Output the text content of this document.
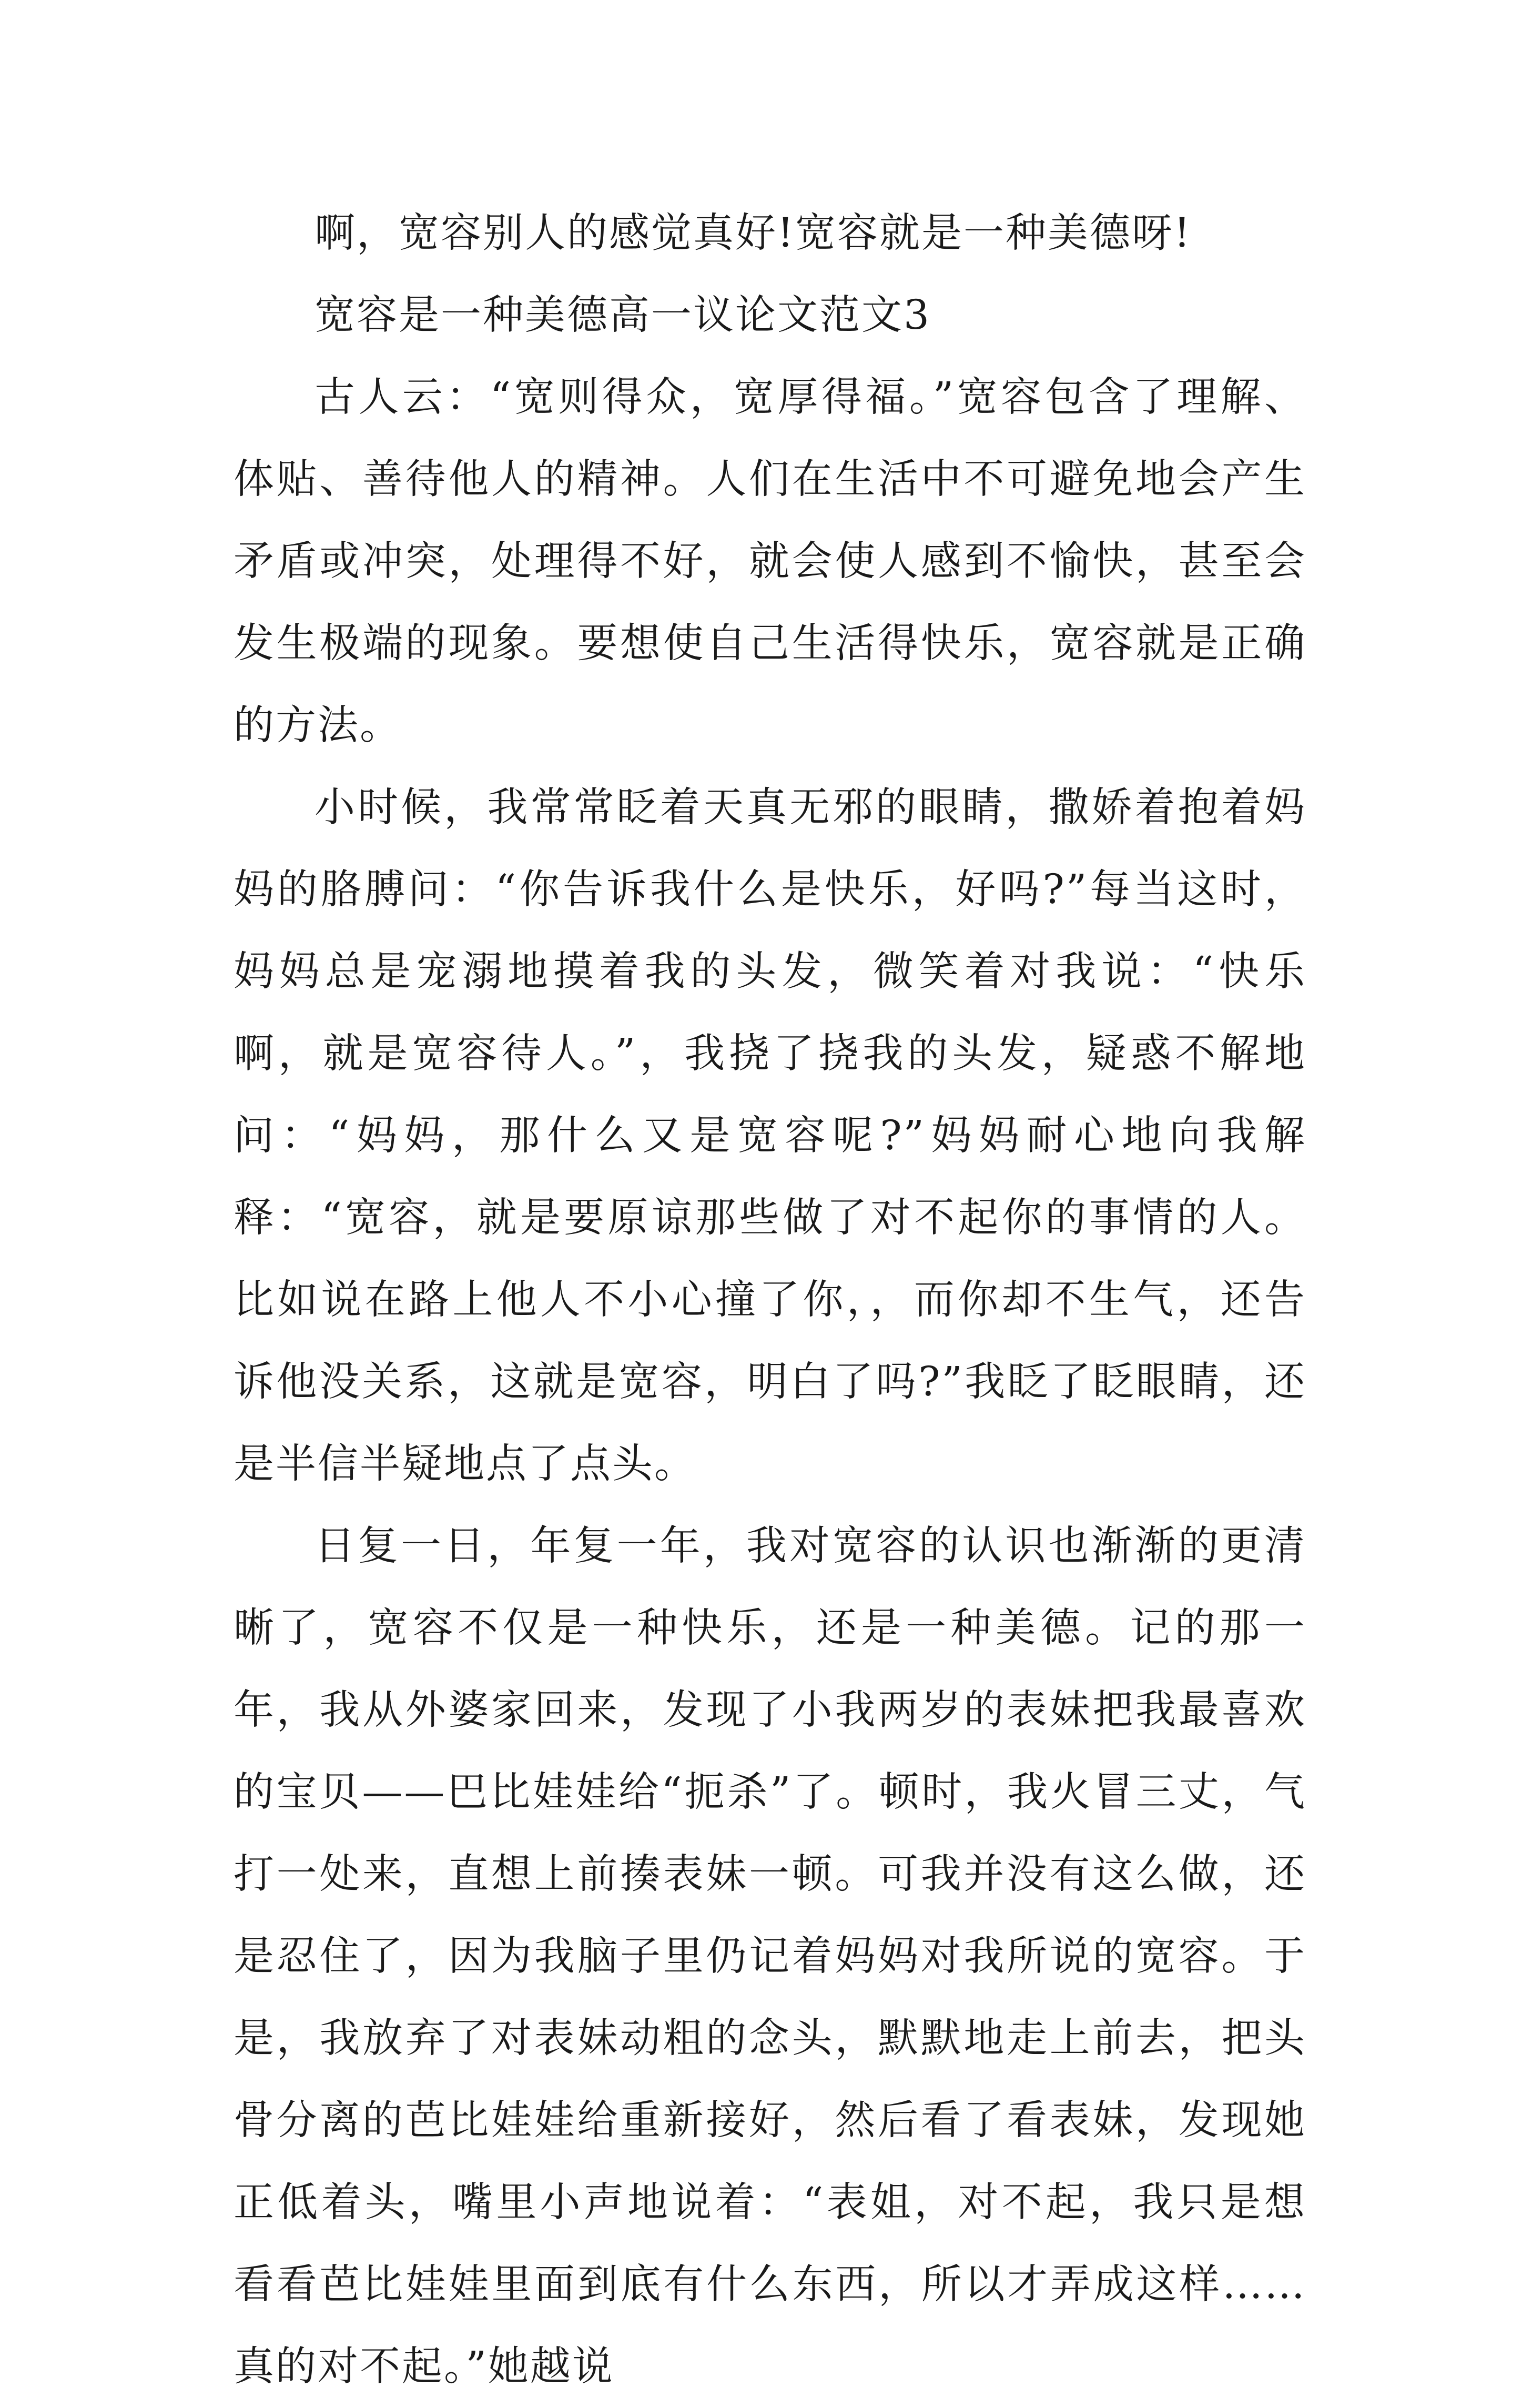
啊，宽容别人的感觉真好!宽容就是一种美德呀!

宽容是一种美德高一议论文范文3

古人云：“宽则得众，宽厚得福。”宽容包含了理解、体贴、善待他人的精神。人们在生活中不可避免地会产生矛盾或冲突，处理得不好，就会使人感到不愉快，甚至会发生极端的现象。要想使自己生活得快乐，宽容就是正确的方法。

小时候，我常常眨着天真无邪的眼睛，撒娇着抱着妈妈的胳膊问：“你告诉我什么是快乐，好吗?”每当这时，妈妈总是宠溺地摸着我的头发，微笑着对我说：“快乐啊，就是宽容待人。”，我挠了挠我的头发，疑惑不解地问：“妈妈，那什么又是宽容呢?”妈妈耐心地向我解释：“宽容，就是要原谅那些做了对不起你的事情的人。比如说在路上他人不小心撞了你，，而你却不生气，还告诉他没关系，这就是宽容，明白了吗?”我眨了眨眼睛，还是半信半疑地点了点头。

日复一日，年复一年，我对宽容的认识也渐渐的更清晰了，宽容不仅是一种快乐，还是一种美德。记的那一年，我从外婆家回来，发现了小我两岁的表妹把我最喜欢的宝贝——巴比娃娃给“扼杀”了。顿时，我火冒三丈，气打一处来，直想上前揍表妹一顿。可我并没有这么做，还是忍住了，因为我脑子里仍记着妈妈对我所说的宽容。于是，我放弃了对表妹动粗的念头，默默地走上前去，把头骨分离的芭比娃娃给重新接好，然后看了看表妹，发现她正低着头，嘴里小声地说着：“表姐，对不起，我只是想看看芭比娃娃里面到底有什么东西，所以才弄成这样……真的对不起。”她越说
